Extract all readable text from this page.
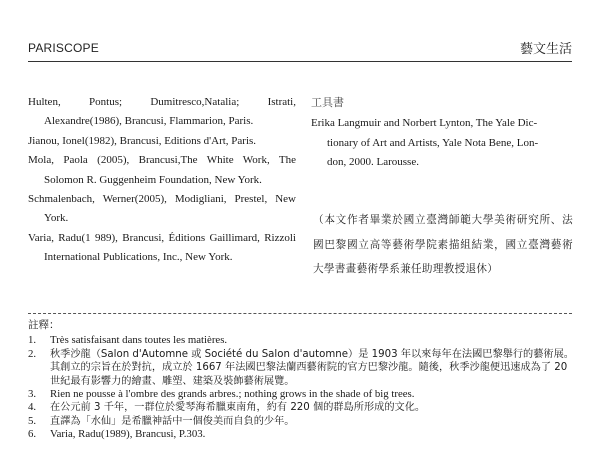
PARISCOPE	藝文生活

Hulten, Pontus; Dumitresco,Natalia; Istrati, Alexandre(1986), Brancusi, Flammarion, Paris.

Jianou, Ionel(1982), Brancusi, Editions d'Art, Paris.

Mola, Paola (2005), Brancusi,The White Work, The Solomon R. Guggenheim Foundation, New York.

Schmalenbach, Werner(2005), Modigliani, Prestel, New York.

Varia, Radu(1 989), Brancusi, Éditions Gaillimard, Rizzoli International Publications, Inc., New York.

工具書

Erika Langmuir and Norbert Lynton, The Yale Dic-
tionary of Art and Artists, Yale Nota Bene, Lon-
don, 2000. Larousse.

（本文作者畢業於國立臺灣師範大學美術研究所、法國巴黎國立高等藝術學院素描組結業，國立臺灣藝術大學書畫藝術學系兼任助理教授退休）
註釋：
1.	Très satisfaisant dans toutes les matières.
2.	秋季沙龍（Salon d'Automne 或 Société du Salon d'automne）是 1903 年以來每年在法國巴黎舉行的藝術展。其創立的宗旨在於對抗，成立於 1667 年法國巴黎法蘭西藝術院的官方巴黎沙龍。隨後，秋季沙龍便迅速成為了 20 世紀最有影響力的繪畫、雕塑、建築及裝飾藝術展覽。
3.	Rien ne pousse à l'ombre des grands arbres.; nothing grows in the shade of big trees.
4.	在公元前 3 千年，一群位於愛琴海希臘東南角，約有 220 個的群島所形成的文化。
5.	直譯為「水仙」是希臘神話中一個俊美而自負的少年。
6.	Varia, Radu(1989), Brancusi, P.303.
